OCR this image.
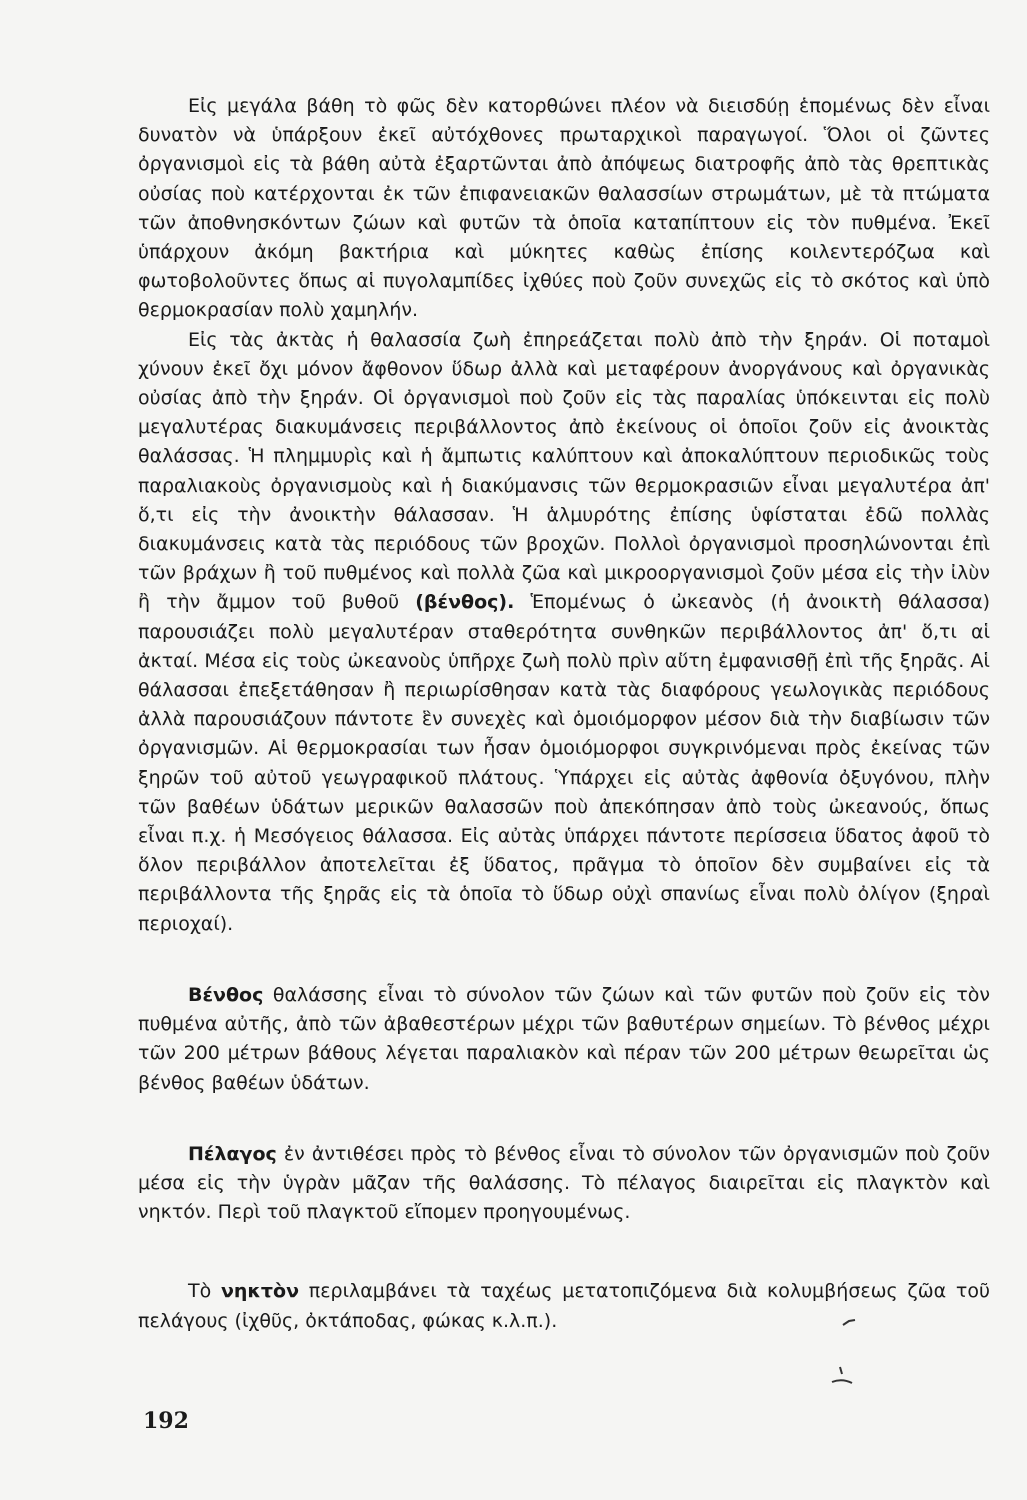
Εἰς μεγάλα βάθη τὸ φῶς δὲν κατορθώνει πλέον νὰ διεισδύῃ ἑπομένως δὲν εἶναι δυνατὸν νὰ ὑπάρξουν ἐκεῖ αὐτόχθονες πρωταρχικοὶ παραγωγοί. Ὅλοι οἱ ζῶντες ὀργανισμοὶ εἰς τὰ βάθη αὐτὰ ἐξαρτῶνται ἀπὸ ἀπόψεως διατροφῆς ἀπὸ τὰς θρεπτικὰς οὐσίας ποὺ κατέρχονται ἐκ τῶν ἐπιφανειακῶν θαλασσίων στρωμάτων, μὲ τὰ πτώματα τῶν ἀποθνησκόντων ζώων καὶ φυτῶν τὰ ὁποῖα καταπίπτουν εἰς τὸν πυθμένα. Ἐκεῖ ὑπάρχουν ἀκόμη βακτήρια καὶ μύκητες καθὼς ἐπίσης κοιλεντερόζωα καὶ φωτοβολοῦντες ὅπως αἱ πυγολαμπίδες ἰχθύες ποὺ ζοῦν συνεχῶς εἰς τὸ σκότος καὶ ὑπὸ θερμοκρασίαν πολὺ χαμηλήν.

Εἰς τὰς ἀκτὰς ἡ θαλασσία ζωὴ ἐπηρεάζεται πολὺ ἀπὸ τὴν ξηράν. Οἱ ποταμοὶ χύνουν ἐκεῖ ὄχι μόνον ἄφθονον ὕδωρ ἀλλὰ καὶ μεταφέρουν ἀνοργάνους καὶ ὀργανικὰς οὐσίας ἀπὸ τὴν ξηράν. Οἱ ὀργανισμοὶ ποὺ ζοῦν εἰς τὰς παραλίας ὑπόκεινται εἰς πολὺ μεγαλυτέρας διακυμάνσεις περιβάλλοντος ἀπὸ ἐκείνους οἱ ὁποῖοι ζοῦν εἰς ἀνοικτὰς θαλάσσας. Ἡ πλημμυρὶς καὶ ἡ ἄμπωτις καλύπτουν καὶ ἀποκαλύπτουν περιοδικῶς τοὺς παραλιακοὺς ὀργανισμοὺς καὶ ἡ διακύμανσις τῶν θερμοκρασιῶν εἶναι μεγαλυτέρα ἀπ' ὅ,τι εἰς τὴν ἀνοικτὴν θάλασσαν. Ἡ ἁλμυρότης ἐπίσης ὑφίσταται ἐδῶ πολλὰς διακυμάνσεις κατὰ τὰς περιόδους τῶν βροχῶν. Πολλοὶ ὀργανισμοὶ προσηλώνονται ἐπὶ τῶν βράχων ἢ τοῦ πυθμένος καὶ πολλὰ ζῶα καὶ μικροοργανισμοὶ ζοῦν μέσα εἰς τὴν ἰλὺν ἢ τὴν ἄμμον τοῦ βυθοῦ (βένθος). Ἑπομένως ὁ ὠκεανὸς (ἡ ἀνοικτὴ θάλασσα) παρουσιάζει πολὺ μεγαλυτέραν σταθερότητα συνθηκῶν περιβάλλοντος ἀπ' ὅ,τι αἱ ἀκταί. Μέσα εἰς τοὺς ὠκεανοὺς ὑπῆρχε ζωὴ πολὺ πρὶν αὕτη ἐμφανισθῇ ἐπὶ τῆς ξηρᾶς. Αἱ θάλασσαι ἐπεξετάθησαν ἢ περιωρίσθησαν κατὰ τὰς διαφόρους γεωλογικὰς περιόδους ἀλλὰ παρουσιάζουν πάντοτε ἓν συνεχὲς καὶ ὁμοιόμορφον μέσον διὰ τὴν διαβίωσιν τῶν ὀργανισμῶν. Αἱ θερμοκρασίαι των ἦσαν ὁμοιόμορφοι συγκρινόμεναι πρὸς ἐκείνας τῶν ξηρῶν τοῦ αὐτοῦ γεωγραφικοῦ πλάτους. Ὑπάρχει εἰς αὐτὰς ἀφθονία ὀξυγόνου, πλὴν τῶν βαθέων ὑδάτων μερικῶν θαλασσῶν ποὺ ἀπεκόπησαν ἀπὸ τοὺς ὠκεανούς, ὅπως εἶναι π.χ. ἡ Μεσόγειος θάλασσα. Εἰς αὐτὰς ὑπάρχει πάντοτε περίσσεια ὕδατος ἀφοῦ τὸ ὅλον περιβάλλον ἀποτελεῖται ἐξ ὕδατος, πρᾶγμα τὸ ὁποῖον δὲν συμβαίνει εἰς τὰ περιβάλλοντα τῆς ξηρᾶς εἰς τὰ ὁποῖα τὸ ὕδωρ οὐχὶ σπανίως εἶναι πολὺ ὀλίγον (ξηραὶ περιοχαί).

Βένθος θαλάσσης εἶναι τὸ σύνολον τῶν ζώων καὶ τῶν φυτῶν ποὺ ζοῦν εἰς τὸν πυθμένα αὐτῆς, ἀπὸ τῶν ἀβαθεστέρων μέχρι τῶν βαθυτέρων σημείων. Τὸ βένθος μέχρι τῶν 200 μέτρων βάθους λέγεται παραλιακὸν καὶ πέραν τῶν 200 μέτρων θεωρεῖται ὡς βένθος βαθέων ὑδάτων.

Πέλαγος ἐν ἀντιθέσει πρὸς τὸ βένθος εἶναι τὸ σύνολον τῶν ὀργανισμῶν ποὺ ζοῦν μέσα εἰς τὴν ὑγρὰν μᾶζαν τῆς θαλάσσης. Τὸ πέλαγος διαιρεῖται εἰς πλαγκτὸν καὶ νηκτόν. Περὶ τοῦ πλαγκτοῦ εἴπομεν προηγουμένως.

Τὸ νηκτὸν περιλαμβάνει τὰ ταχέως μετατοπιζόμενα διὰ κολυμβήσεως ζῶα τοῦ πελάγους (ἰχθῦς, ὀκτάποδας, φώκας κ.λ.π.).

192
